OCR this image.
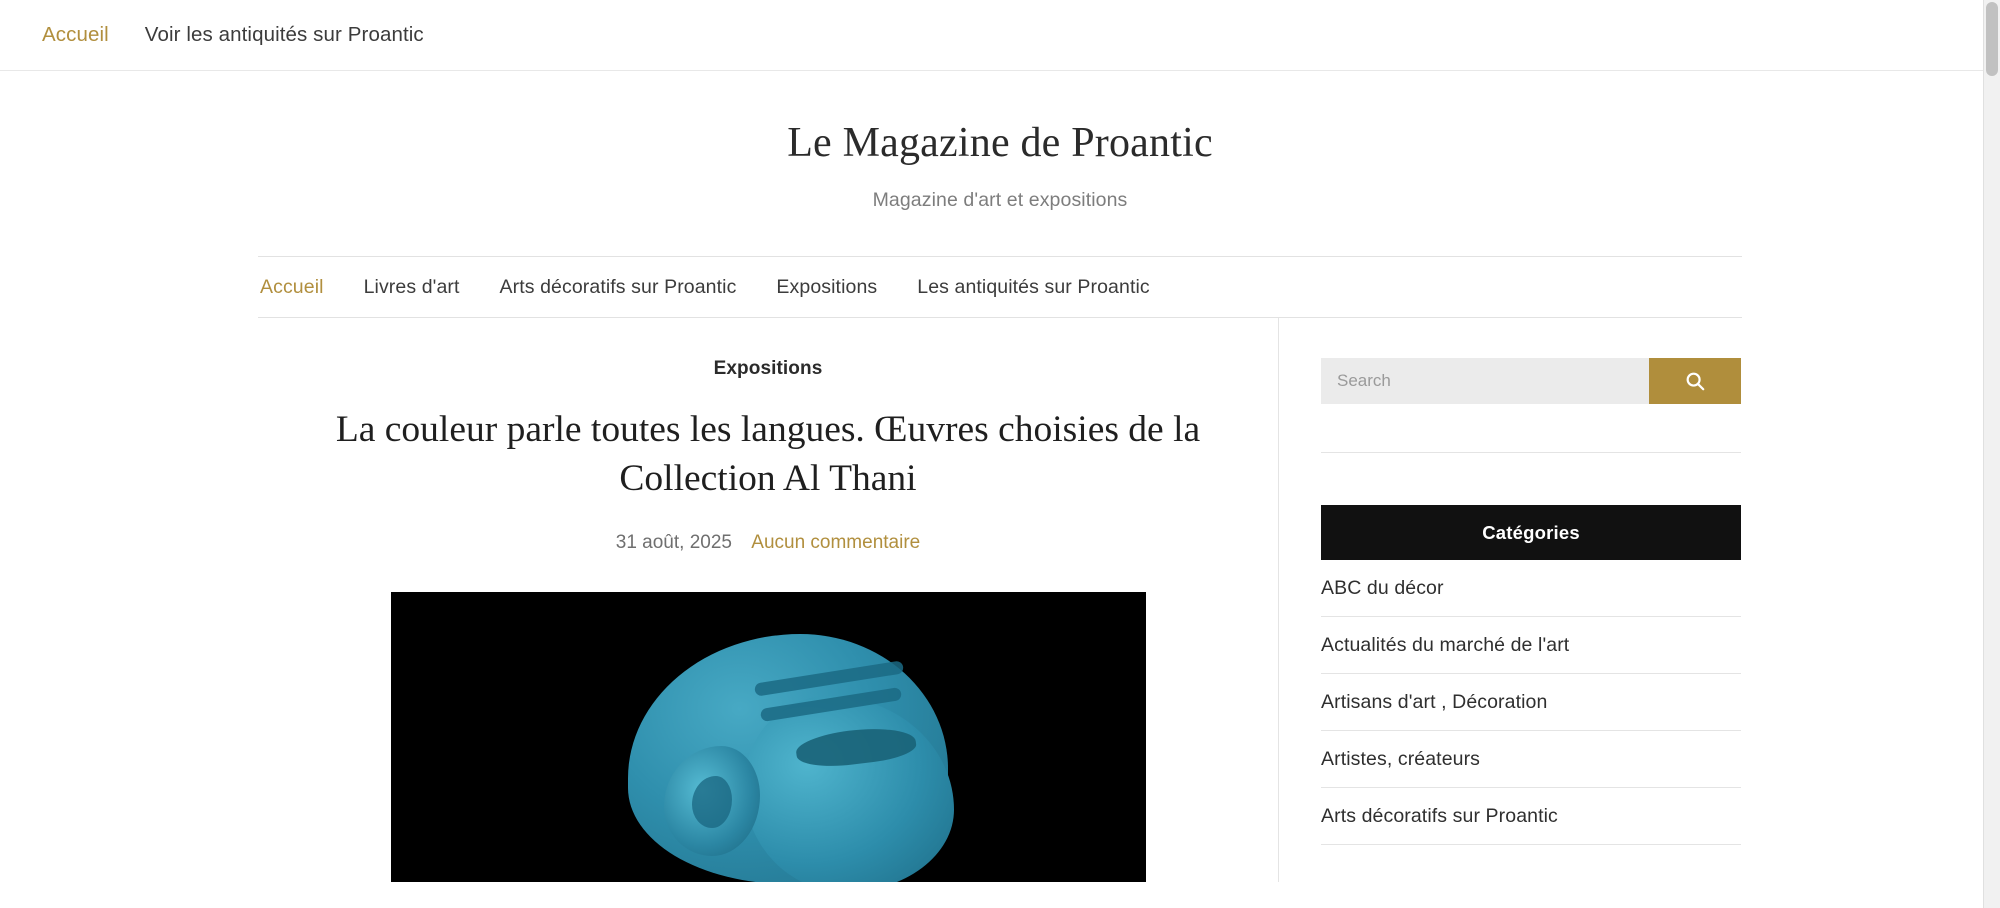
Accueil Voir les antiquités sur Proantic
Le Magazine de Proantic
Magazine d'art et expositions
Accueil Livres d'art Arts décoratifs sur Proantic Expositions Les antiquités sur Proantic
Expositions
La couleur parle toutes les langues. Œuvres choisies de la Collection Al Thani
31 août, 2025 Aucun commentaire
Search	Catégories
ABC du décor
Actualités du marché de l'art
Artisans d'art , Décoration
Artistes, créateurs
Arts décoratifs sur Proantic
